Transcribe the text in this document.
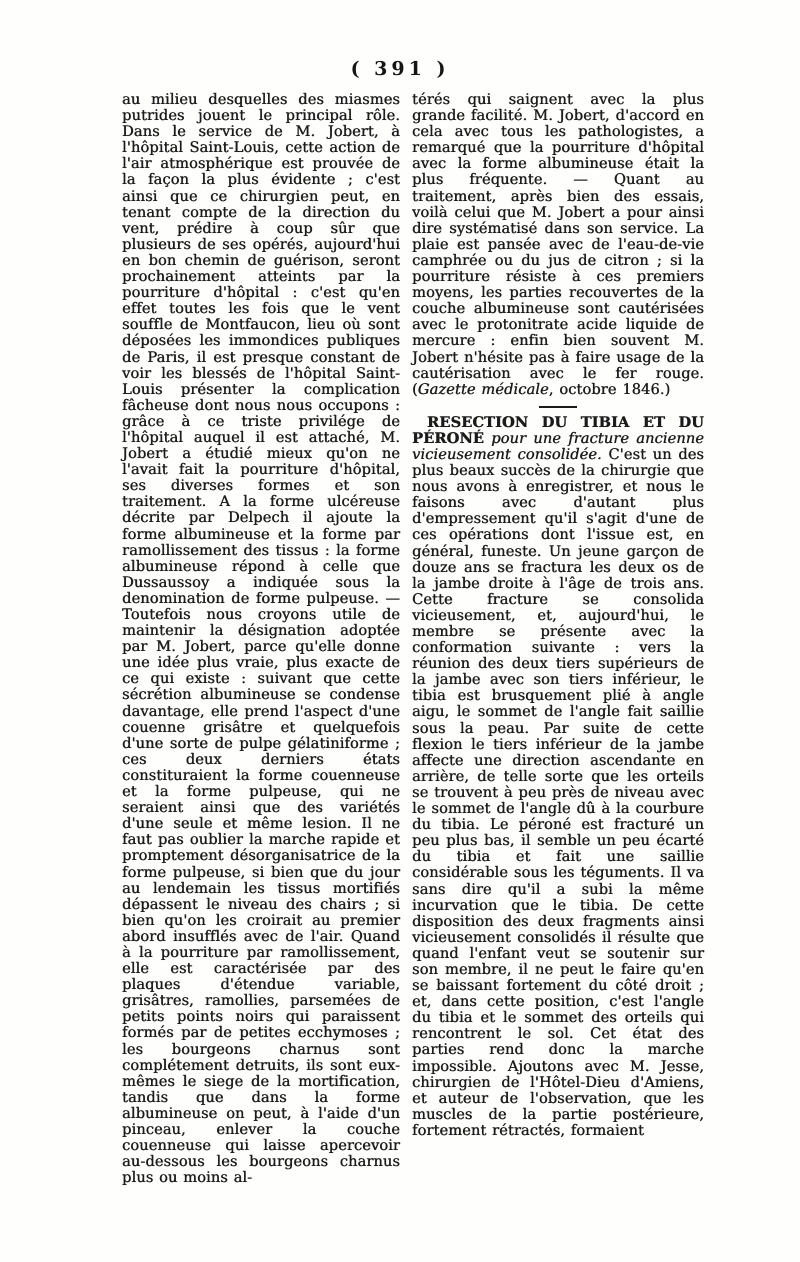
( 391 )

au milieu desquelles des miasmes putrides jouent le principal rôle. Dans le service de M. Jobert, à l'hôpital Saint-Louis, cette action de l'air atmosphérique est prouvée de la façon la plus évidente ; c'est ainsi que ce chirurgien peut, en tenant compte de la direction du vent, prédire à coup sûr que plusieurs de ses opérés, aujourd'hui en bon chemin de guérison, seront prochainement atteints par la pourriture d'hôpital : c'est qu'en effet toutes les fois que le vent souffle de Montfaucon, lieu où sont déposées les immondices publiques de Paris, il est presque constant de voir les blessés de l'hôpital Saint-Louis présenter la complication fâcheuse dont nous nous occupons : grâce à ce triste privilége de l'hôpital auquel il est attaché, M. Jobert a étudié mieux qu'on ne l'avait fait la pourriture d'hôpital, ses diverses formes et son traitement. A la forme ulcéreuse décrite par Delpech il ajoute la forme albumineuse et la forme par ramollissement des tissus : la forme albumineuse répond à celle que Dussaussoy a indiquée sous la denomination de forme pulpeuse. — Toutefois nous croyons utile de maintenir la désignation adoptée par M. Jobert, parce qu'elle donne une idée plus vraie, plus exacte de ce qui existe : suivant que cette sécrétion albumineuse se condense davantage, elle prend l'aspect d'une couenne grisâtre et quelquefois d'une sorte de pulpe gélatiniforme ; ces deux derniers états constituraient la forme couenneuse et la forme pulpeuse, qui ne seraient ainsi que des variétés d'une seule et même lesion. Il ne faut pas oublier la marche rapide et promptement désorganisatrice de la forme pulpeuse, si bien que du jour au lendemain les tissus mortifiés dépassent le niveau des chairs ; si bien qu'on les croirait au premier abord insufflés avec de l'air. Quand à la pourriture par ramollissement, elle est caractérisée par des plaques d'étendue variable, grisâtres, ramollies, parsemées de petits points noirs qui paraissent formés par de petites ecchymoses ; les bourgeons charnus sont complétement detruits, ils sont eux-mêmes le siege de la mortification, tandis que dans la forme albumineuse on peut, à l'aide d'un pinceau, enlever la couche couenneuse qui laisse apercevoir au-dessous les bourgeons charnus plus ou moins al-

térés qui saignent avec la plus grande facilité. M. Jobert, d'accord en cela avec tous les pathologistes, a remarqué que la pourriture d'hôpital avec la forme albumineuse était la plus fréquente. — Quant au traitement, après bien des essais, voilà celui que M. Jobert a pour ainsi dire systématisé dans son service. La plaie est pansée avec de l'eau-de-vie camphrée ou du jus de citron ; si la pourriture résiste à ces premiers moyens, les parties recouvertes de la couche albumineuse sont cautérisées avec le protonitrate acide liquide de mercure : enfin bien souvent M. Jobert n'hésite pas à faire usage de la cautérisation avec le fer rouge. (Gazette médicale, octobre 1846.)

RESECTION DU TIBIA ET DU PÉRONÉ pour une fracture ancienne vicieusement consolidée. C'est un des plus beaux succès de la chirurgie que nous avons à enregistrer, et nous le faisons avec d'autant plus d'empressement qu'il s'agit d'une de ces opérations dont l'issue est, en général, funeste. Un jeune garçon de douze ans se fractura les deux os de la jambe droite à l'âge de trois ans. Cette fracture se consolida vicieusement, et, aujourd'hui, le membre se présente avec la conformation suivante : vers la réunion des deux tiers supérieurs de la jambe avec son tiers inférieur, le tibia est brusquement plié à angle aigu, le sommet de l'angle fait saillie sous la peau. Par suite de cette flexion le tiers inférieur de la jambe affecte une direction ascendante en arrière, de telle sorte que les orteils se trouvent à peu près de niveau avec le sommet de l'angle dû à la courbure du tibia. Le péroné est fracturé un peu plus bas, il semble un peu écarté du tibia et fait une saillie considérable sous les téguments. Il va sans dire qu'il a subi la même incurvation que le tibia. De cette disposition des deux fragments ainsi vicieusement consolidés il résulte que quand l'enfant veut se soutenir sur son membre, il ne peut le faire qu'en se baissant fortement du côté droit ; et, dans cette position, c'est l'angle du tibia et le sommet des orteils qui rencontrent le sol. Cet état des parties rend donc la marche impossible. Ajoutons avec M. Jesse, chirurgien de l'Hôtel-Dieu d'Amiens, et auteur de l'observation, que les muscles de la partie postérieure, fortement rétractés, formaient
